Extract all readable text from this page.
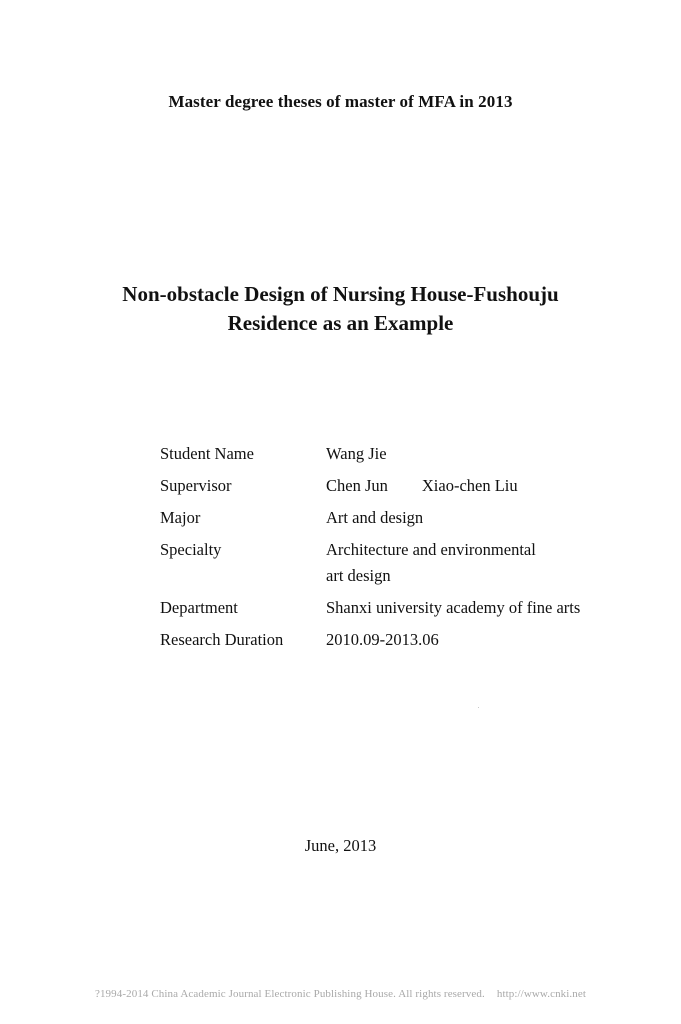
Master degree theses of master of MFA in 2013
Non-obstacle Design of Nursing House-Fushouju
Residence as an Example
Student Name	Wang Jie
Supervisor	Chen Jun Xiao-chen Liu
Major	Art and design
Specialty	Architecture and environmental
art design
Department	Shanxi university academy of fine arts
Research Duration	2010.09-2013.06
June, 2013
?1994-2014 China Academic Journal Electronic Publishing House. All rights reserved. http://www.cnki.net
